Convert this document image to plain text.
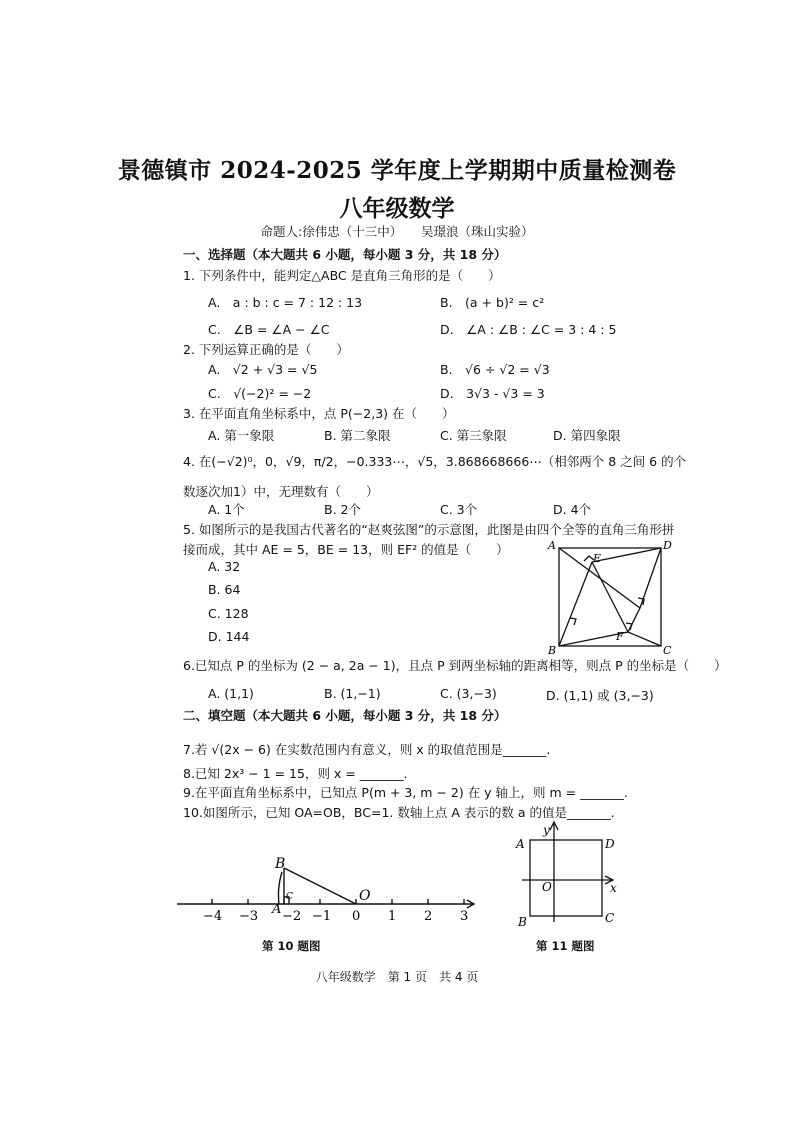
景德镇市 2024-2025 学年度上学期期中质量检测卷
八年级数学
命题人:徐伟忠（十三中）　　吴璟浪（珠山实验）
一、选择题（本大题共 6 小题，每小题 3 分，共 18 分）
1. 下列条件中，能判定△ABC 是直角三角形的是（　　）
A.　a : b : c = 7 : 12 : 13	B.　(a + b)² = c²
C.　∠B = ∠A − ∠C	D.　∠A : ∠B : ∠C = 3 : 4 : 5
2. 下列运算正确的是（　　）
A.　√2 + √3 = √5	B.　√6 ÷ √2 = √3
C.　√(−2)² = −2	D.　3√3 - √3 = 3
3. 在平面直角坐标系中，点 P(−2,3) 在（　　）
A. 第一象限	B. 第二象限	C. 第三象限	D. 第四象限
4. 在(−√2)⁰，0，√9，π/2，−0.333⋯，√5，3.868668666⋯（相邻两个 8 之间 6 的个
数逐次加1）中，无理数有（　　）
A. 1个	B. 2个	C. 3个	D. 4个
5. 如图所示的是我国古代著名的“赵爽弦图”的示意图，此图是由四个全等的直角三角形拼
接而成，其中 AE = 5，BE = 13，则 EF² 的值是（　　）
A. 32
B. 64
C. 128
D. 144
A	D
E
B	C
F
6.已知点 P 的坐标为 (2 − a, 2a − 1)，且点 P 到两坐标轴的距离相等，则点 P 的坐标是（　　）
A. (1,1)	B. (1,−1)	C. (3,−3)	D. (1,1) 或 (3,−3)
二、填空题（本大题共 6 小题，每小题 3 分，共 18 分）
7.若 √(2x − 6) 在实数范围内有意义，则 x 的取值范围是_______.
8.已知 2x³ − 1 = 15，则 x = _______.
9.在平面直角坐标系中，已知点 P(m + 3, m − 2) 在 y 轴上，则 m = _______.
10.如图所示，已知 OA=OB，BC=1. 数轴上点 A 表示的数 a 的值是_______.
−4 −3 −2 −1 0 1 2 3
B
A
C	O
第 10 题图
y
x
A	D
O
B	C
第 11 题图
八年级数学　第 1 页　共 4 页
